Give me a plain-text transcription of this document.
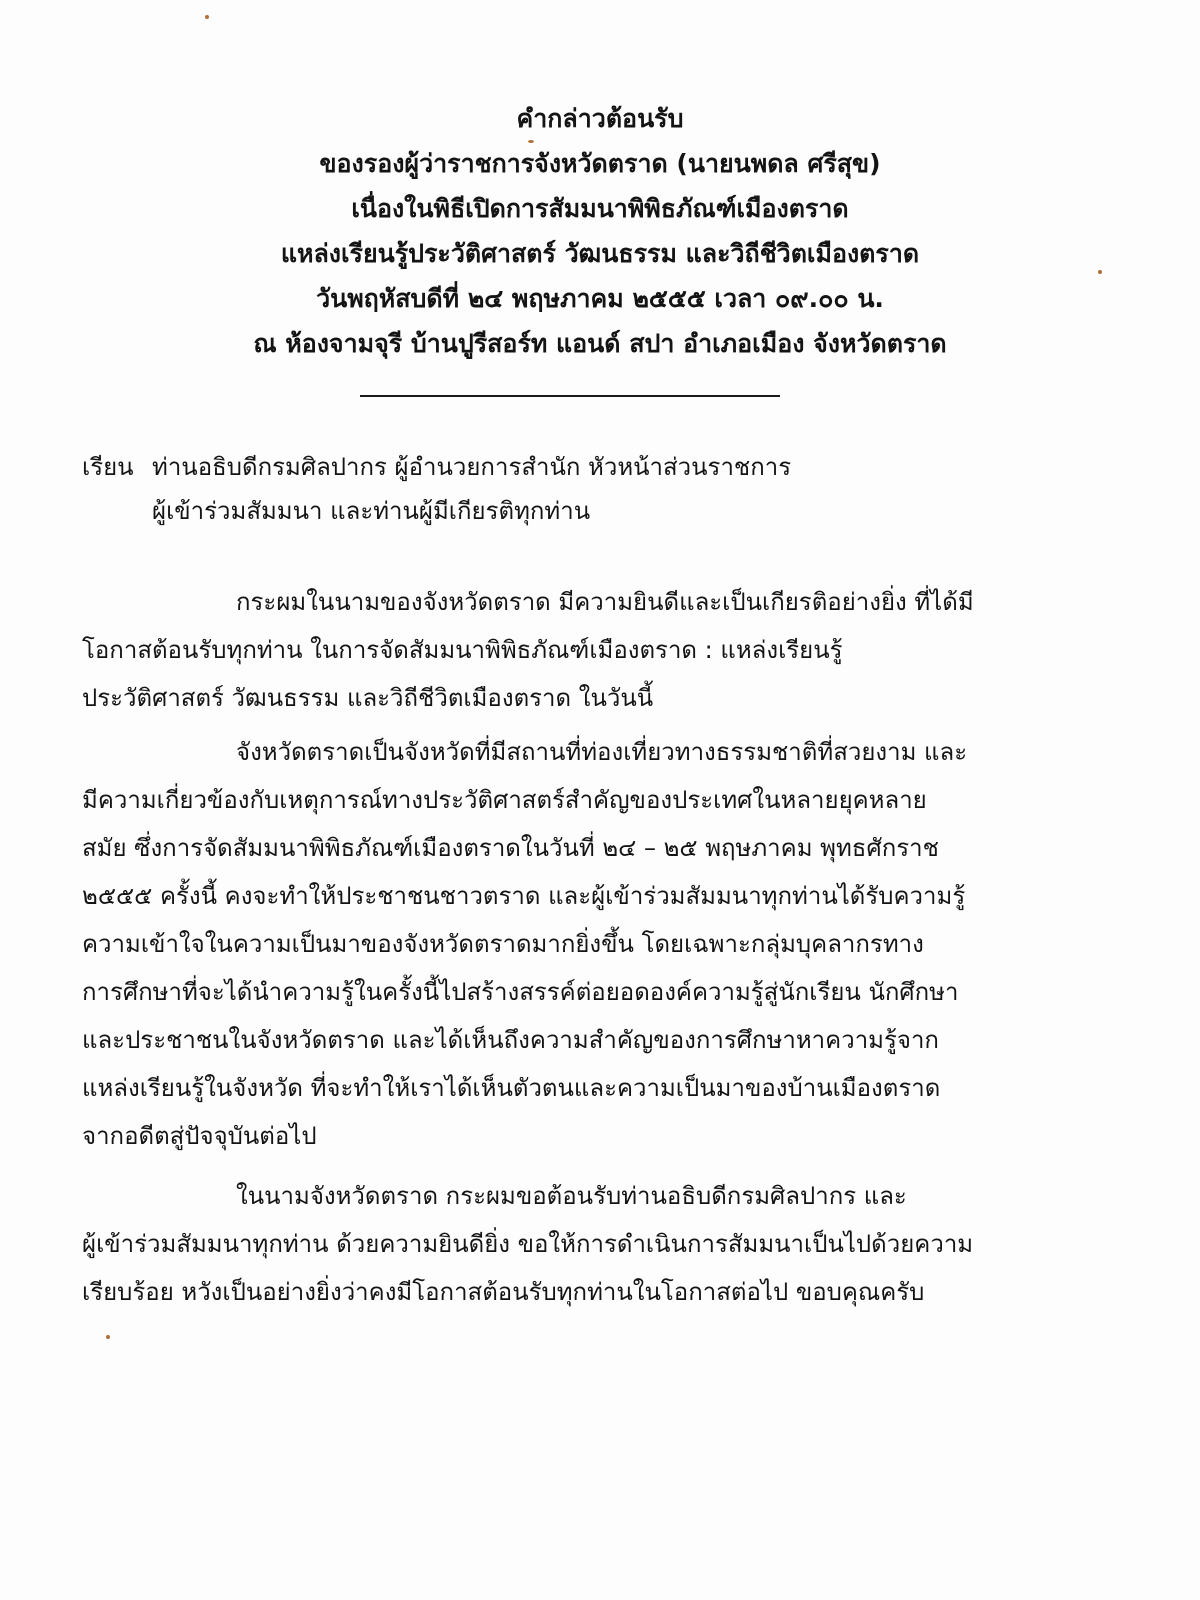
คำกล่าวต้อนรับ
ของรองผู้ว่าราชการจังหวัดตราด (นายนพดล ศรีสุข)
เนื่องในพิธีเปิดการสัมมนาพิพิธภัณฑ์เมืองตราด
แหล่งเรียนรู้ประวัติศาสตร์ วัฒนธรรม และวิถีชีวิตเมืองตราด
วันพฤหัสบดีที่ ๒๔ พฤษภาคม ๒๕๕๕ เวลา ๐๙.๐๐ น.
ณ ห้องจามจุรี บ้านปูรีสอร์ท แอนด์ สปา อำเภอเมือง จังหวัดตราด
เรียน ท่านอธิบดีกรมศิลปากร ผู้อำนวยการสำนัก หัวหน้าส่วนราชการ
ผู้เข้าร่วมสัมมนา และท่านผู้มีเกียรติทุกท่าน
กระผมในนามของจังหวัดตราด มีความยินดีและเป็นเกียรติอย่างยิ่ง ที่ได้มี
โอกาสต้อนรับทุกท่าน ในการจัดสัมมนาพิพิธภัณฑ์เมืองตราด : แหล่งเรียนรู้
ประวัติศาสตร์ วัฒนธรรม และวิถีชีวิตเมืองตราด ในวันนี้
จังหวัดตราดเป็นจังหวัดที่มีสถานที่ท่องเที่ยวทางธรรมชาติที่สวยงาม และ
มีความเกี่ยวข้องกับเหตุการณ์ทางประวัติศาสตร์สำคัญของประเทศในหลายยุคหลาย
สมัย ซึ่งการจัดสัมมนาพิพิธภัณฑ์เมืองตราดในวันที่ ๒๔ – ๒๕ พฤษภาคม พุทธศักราช
๒๕๕๕ ครั้งนี้ คงจะทำให้ประชาชนชาวตราด และผู้เข้าร่วมสัมมนาทุกท่านได้รับความรู้
ความเข้าใจในความเป็นมาของจังหวัดตราดมากยิ่งขึ้น โดยเฉพาะกลุ่มบุคลากรทาง
การศึกษาที่จะได้นำความรู้ในครั้งนี้ไปสร้างสรรค์ต่อยอดองค์ความรู้สู่นักเรียน นักศึกษา
และประชาชนในจังหวัดตราด และได้เห็นถึงความสำคัญของการศึกษาหาความรู้จาก
แหล่งเรียนรู้ในจังหวัด ที่จะทำให้เราได้เห็นตัวตนและความเป็นมาของบ้านเมืองตราด
จากอดีตสู่ปัจจุบันต่อไป
ในนามจังหวัดตราด กระผมขอต้อนรับท่านอธิบดีกรมศิลปากร และ
ผู้เข้าร่วมสัมมนาทุกท่าน ด้วยความยินดียิ่ง ขอให้การดำเนินการสัมมนาเป็นไปด้วยความ
เรียบร้อย หวังเป็นอย่างยิ่งว่าคงมีโอกาสต้อนรับทุกท่านในโอกาสต่อไป ขอบคุณครับ
